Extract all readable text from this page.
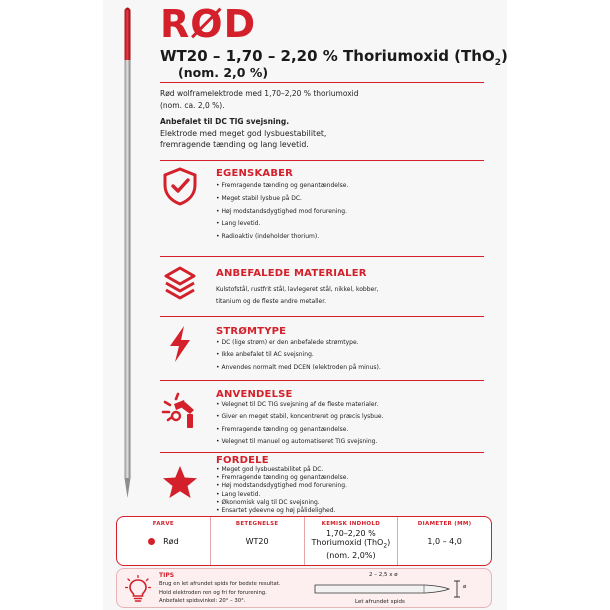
RØD
WT20 – 1,70 – 2,20 % Thoriumoxid (ThO$_2$)
(nom. 2,0 %)
Rød wolframelektrode med 1,70–2,20 % thoriumoxid
(nom. ca. 2,0 %).
Anbefalet til DC TIG svejsning.
Elektrode med meget god lysbuestabilitet,
fremragende tænding og lang levetid.
EGENSKABER
• Fremragende tænding og genantændelse.
• Meget stabil lysbue på DC.
• Høj modstandsdygtighed mod forurening.
• Lang levetid.
• Radioaktiv (indeholder thorium).
ANBEFALEDE MATERIALER
Kulstofstål, rustfrit stål, lavlegeret stål, nikkel, kobber,
titanium og de fleste andre metaller.
STRØMTYPE
• DC (lige strøm) er den anbefalede strømtype.
• Ikke anbefalet til AC svejsning.
• Anvendes normalt med DCEN (elektroden på minus).
ANVENDELSE
• Velegnet til DC TIG svejsning af de fleste materialer.
• Giver en meget stabil, koncentreret og præcis lysbue.
• Fremragende tænding og genantændelse.
• Velegnet til manuel og automatiseret TIG svejsning.
FORDELE
• Meget god lysbuestabilitet på DC.
• Fremragende tænding og genantændelse.
• Høj modstandsdygtighed mod forurening.
• Lang levetid.
• Økonomisk valg til DC svejsning.
• Ensartet ydeevne og høj pålidelighed.
FARVE
Rød
BETEGNELSE
WT20
KEMISK INDHOLD
1,70–2,20 %
Thoriumoxid (ThO$_2$)
(nom. 2,0%)
DIAMETER (MM)
1,0 – 4,0
TIPS
Brug en let afrundet spids for bedste resultat.
Hold elektroden ren og fri for forurening.
Anbefalet spidsvinkel: 20° – 30°.
2 – 2,5 x ø
ø
Let afrundet spids
